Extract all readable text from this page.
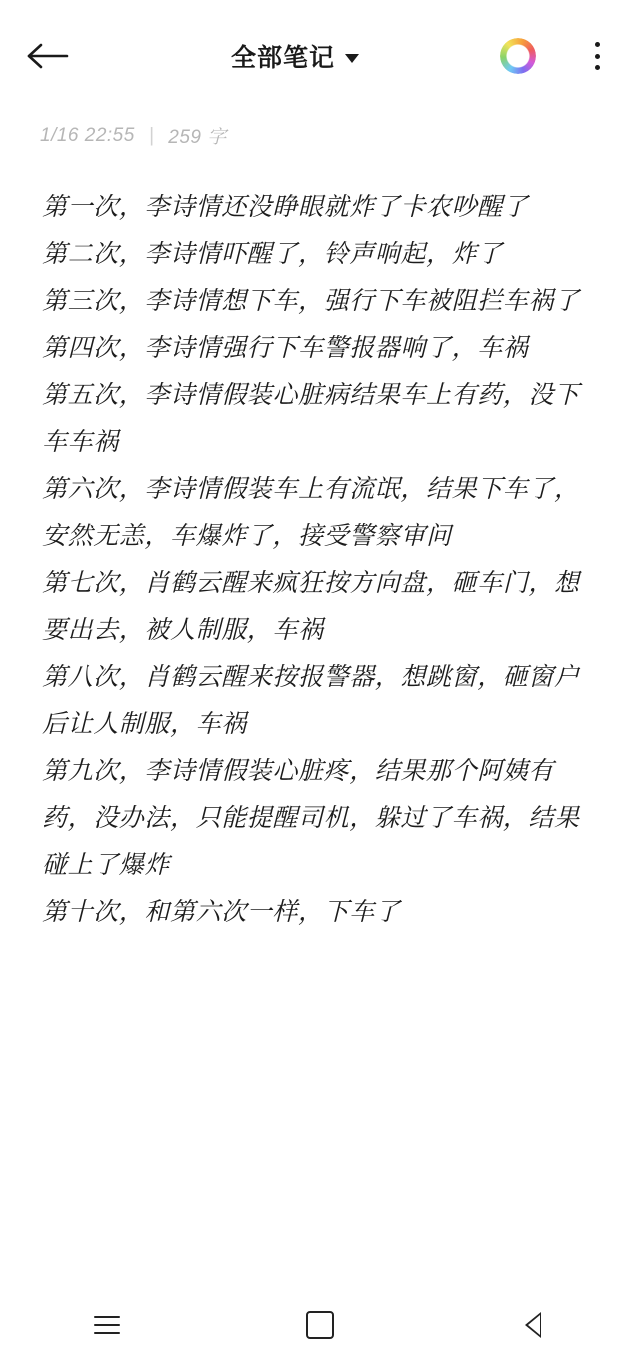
全部笔记
1/16 22:55 | 259 字

第一次，李诗情还没睁眼就炸了卡农吵醒了

第二次，李诗情吓醒了，铃声响起，炸了

第三次，李诗情想下车，强行下车被阻拦车祸了

第四次，李诗情强行下车警报器响了，车祸

第五次，李诗情假装心脏病结果车上有药，没下车车祸

第六次，李诗情假装车上有流氓，结果下车了，安然无恙，车爆炸了，接受警察审问

第七次，肖鹤云醒来疯狂按方向盘，砸车门，想要出去，被人制服，车祸

第八次，肖鹤云醒来按报警器，想跳窗，砸窗户后让人制服，车祸

第九次，李诗情假装心脏疼，结果那个阿姨有药，没办法，只能提醒司机，躲过了车祸，结果碰上了爆炸

第十次，和第六次一样，下车了
